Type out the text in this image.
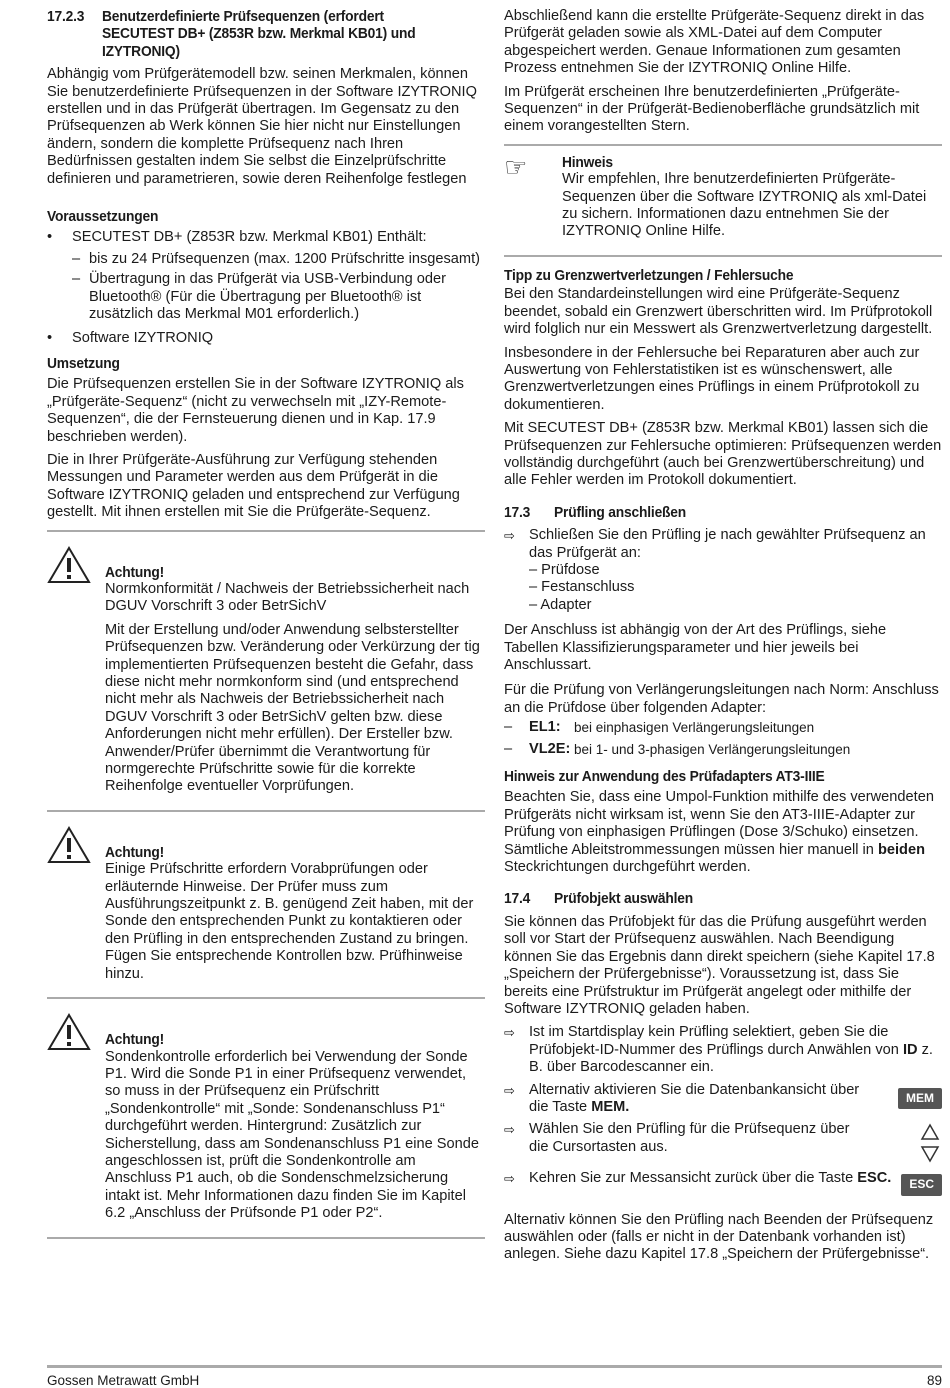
17.2.3	Benutzerdefinierte Prüfsequenzen (erfordert SECUTEST DB+ (Z853R bzw. Merkmal KB01) und IZYTRONIQ)

Abhängig vom Prüfgerätemodell bzw. seinen Merkmalen, können Sie benutzerdefinierte Prüfsequenzen in der Software IZYTRONIQ erstellen und in das Prüfgerät übertragen. Im Gegensatz zu den Prüfsequenzen ab Werk können Sie hier nicht nur Einstellungen ändern, sondern die komplette Prüfsequenz nach Ihren Bedürfnissen gestalten indem Sie selbst die Einzelprüfschritte definieren und parametrieren, sowie deren Reihenfolge festlegen

Voraussetzungen
•	SECUTEST DB+ (Z853R bzw. Merkmal KB01) Enthält:
– bis zu 24 Prüfsequenzen (max. 1200 Prüfschritte insgesamt)
– Übertragung in das Prüfgerät via USB-Verbindung oder Bluetooth® (Für die Übertragung per Bluetooth® ist zusätzlich das Merkmal M01 erforderlich.)
•	Software IZYTRONIQ
Umsetzung

Die Prüfsequenzen erstellen Sie in der Software IZYTRONIQ als „Prüfgeräte-Sequenz“ (nicht zu verwechseln mit „IZY-Remote-Sequenzen“, die der Fernsteuerung dienen und in Kap. 17.9 beschrieben werden).

Die in Ihrer Prüfgeräte-Ausführung zur Verfügung stehenden Messungen und Parameter werden aus dem Prüfgerät in die Software IZYTRONIQ geladen und entsprechend zur Verfügung gestellt. Mit ihnen erstellen mit Sie die Prüfgeräte-Sequenz.

Achtung!

Normkonformität / Nachweis der Betriebssicherheit nach DGUV Vorschrift 3 oder BetrSichV

Mit der Erstellung und/oder Anwendung selbsterstellter Prüfsequenzen bzw. Veränderung oder Verkürzung der tig implementierten Prüfsequenzen besteht die Gefahr, dass diese nicht mehr normkonform sind (und entsprechend nicht mehr als Nachweis der Betriebssicherheit nach DGUV Vorschrift 3 oder BetrSichV gelten bzw. diese Anforderungen nicht mehr erfüllen). Der Ersteller bzw. Anwender/Prüfer übernimmt die Verantwortung für normgerechte Prüfschritte sowie für die korrekte Reihenfolge eventueller Vorprüfungen.

Achtung!

Einige Prüfschritte erfordern Vorabprüfungen oder erläuternde Hinweise. Der Prüfer muss zum Ausführungszeitpunkt z. B. genügend Zeit haben, mit der Sonde den entsprechenden Punkt zu kontaktieren oder den Prüfling in den entsprechenden Zustand zu bringen. Fügen Sie entsprechende Kontrollen bzw. Prüfhinweise hinzu.

Achtung!

Sondenkontrolle erforderlich bei Verwendung der Sonde P1. Wird die Sonde P1 in einer Prüfsequenz verwendet, so muss in der Prüfsequenz ein Prüfschritt „Sondenkontrolle“ mit „Sonde: Sondenanschluss P1“ durchgeführt werden. Hintergrund: Zusätzlich zur Sicherstellung, dass am Sondenanschluss P1 eine Sonde angeschlossen ist, prüft die Sondenkontrolle am Anschluss P1 auch, ob die Sondenschmelzsicherung intakt ist. Mehr Informationen dazu finden Sie im Kapitel 6.2 „Anschluss der Prüfsonde P1 oder P2“.

Abschließend kann die erstellte Prüfgeräte-Sequenz direkt in das Prüfgerät geladen sowie als XML-Datei auf dem Computer abgespeichert werden. Genaue Informationen zum gesamten Prozess entnehmen Sie der IZYTRONIQ Online Hilfe.

Im Prüfgerät erscheinen Ihre benutzerdefinierten „Prüfgeräte-Sequenzen“ in der Prüfgerät-Bedienoberfläche grundsätzlich mit einem vorangestellten Stern.

☞	Hinweis

Wir empfehlen, Ihre benutzerdefinierten Prüfgeräte-Sequenzen über die Software IZYTRONIQ als xml-Datei zu sichern. Informationen dazu entnehmen Sie der IZYTRONIQ Online Hilfe.

Tipp zu Grenzwertverletzungen / Fehlersuche

Bei den Standardeinstellungen wird eine Prüfgeräte-Sequenz beendet, sobald ein Grenzwert überschritten wird. Im Prüfprotokoll wird folglich nur ein Messwert als Grenzwertverletzung dargestellt.

Insbesondere in der Fehlersuche bei Reparaturen aber auch zur Auswertung von Fehlerstatistiken ist es wünschenswert, alle Grenzwertverletzungen eines Prüflings in einem Prüfprotokoll zu dokumentieren.

Mit SECUTEST DB+ (Z853R bzw. Merkmal KB01) lassen sich die Prüfsequenzen zur Fehlersuche optimieren: Prüfsequenzen werden vollständig durchgeführt (auch bei Grenzwertüberschreitung) und alle Fehler werden im Protokoll dokumentiert.

17.3	Prüfling anschließen
⇨ Schließen Sie den Prüfling je nach gewählter Prüfsequenz an das Prüfgerät an:
– Prüfdose
– Festanschluss
– Adapter

Der Anschluss ist abhängig von der Art des Prüflings, siehe Tabellen Klassifizierungsparameter und hier jeweils bei Anschlussart.

Für die Prüfung von Verlängerungsleitungen nach Norm: Anschluss an die Prüfdose über folgenden Adapter:

–	EL1: bei einphasigen Verlängerungsleitungen
–	VL2E: bei 1- und 3-phasigen Verlängerungsleitungen
Hinweis zur Anwendung des Prüfadapters AT3-IIIE

Beachten Sie, dass eine Umpol-Funktion mithilfe des verwendeten Prüfgeräts nicht wirksam ist, wenn Sie den AT3-IIIE-Adapter zur Prüfung von einphasigen Prüflingen (Dose 3/Schuko) einsetzen. Sämtliche Ableitstrommessungen müssen hier manuell in beiden Steckrichtungen durchgeführt werden.

17.4	Prüfobjekt auswählen

Sie können das Prüfobjekt für das die Prüfung ausgeführt werden soll vor Start der Prüfsequenz auswählen. Nach Beendigung können Sie das Ergebnis dann direkt speichern (siehe Kapitel 17.8 „Speichern der Prüfergebnisse“). Voraussetzung ist, dass Sie bereits eine Prüfstruktur im Prüfgerät angelegt oder mithilfe der Software IZYTRONIQ geladen haben.

⇨ Ist im Startdisplay kein Prüfling selektiert, geben Sie die Prüfobjekt-ID-Nummer des Prüflings durch Anwählen von ID z. B. über Barcodescanner ein.
⇨ Alternativ aktivieren Sie die Datenbankansicht über die Taste MEM.
MEM
⇨ Wählen Sie den Prüfling für die Prüfsequenz über die Cursortasten aus.
⇨ Kehren Sie zur Messansicht zurück über die Taste ESC.	ESC

Alternativ können Sie den Prüfling nach Beenden der Prüfsequenz auswählen oder (falls er nicht in der Datenbank vorhanden ist) anlegen. Siehe dazu Kapitel 17.8 „Speichern der Prüfergebnisse“.

Gossen Metrawatt GmbH	89
